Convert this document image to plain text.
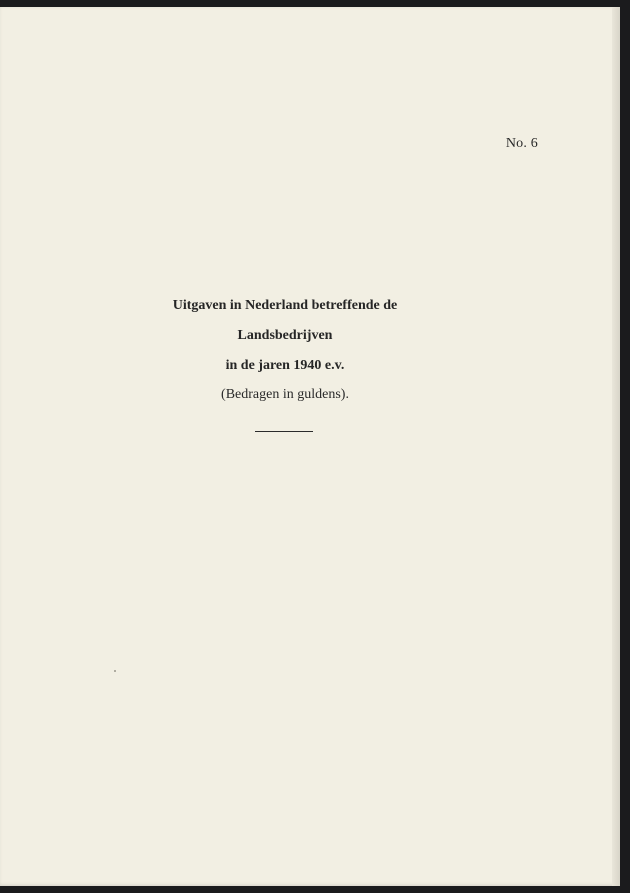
No. 6
Uitgaven in Nederland betreffende de
Landsbedrijven
in de jaren 1940 e.v.
(Bedragen in guldens).
